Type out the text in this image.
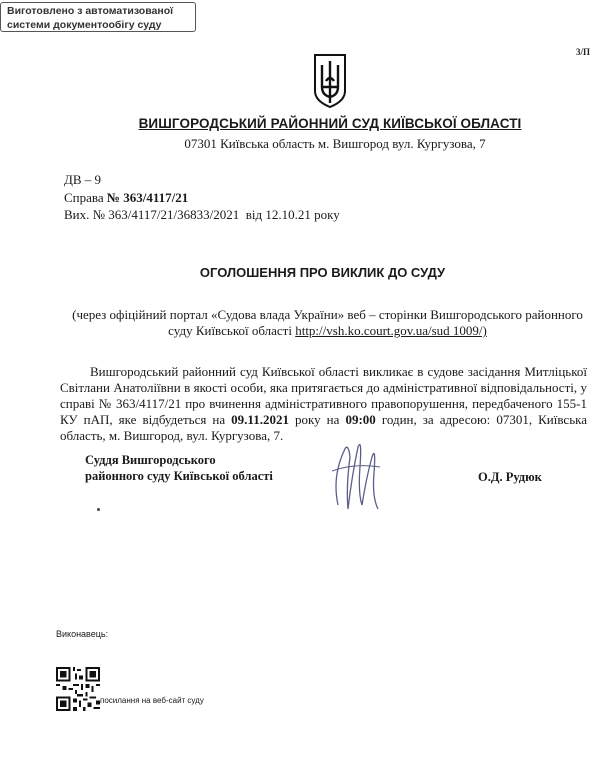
Виготовлено з автоматизованої
системи документообігу суду
3/П
ВИШГОРОДСЬКИЙ РАЙОННИЙ СУД КИЇВСЬКОЇ ОБЛАСТІ
07301 Київська область м. Вишгород вул. Кургузова, 7
ДВ – 9
Справа № 363/4117/21
Вих. № 363/4117/21/36833/2021 від 12.10.21 року
ОГОЛОШЕННЯ ПРО ВИКЛИК ДО СУДУ
(через офіційний портал «Судова влада України» веб – сторінки Вишгородського районного суду Київської області http://vsh.ko.court.gov.ua/sud 1009/)
Вишгородський районний суд Київської області викликає в судове засідання Митліцької Світлани Анатоліївни в якості особи, яка притягається до адміністративної відповідальності, у справі № 363/4117/21 про вчинення адміністративного правопорушення, передбаченого 155-1 КУ пАП, яке відбудеться на 09.11.2021 року на 09:00 годин, за адресою: 07301, Київська область, м. Вишгород, вул. Кургузова, 7.
Суддя Вишгородського
районного суду Київської області	О.Д. Рудюк
Виконавець:
посилання на веб-сайт суду
